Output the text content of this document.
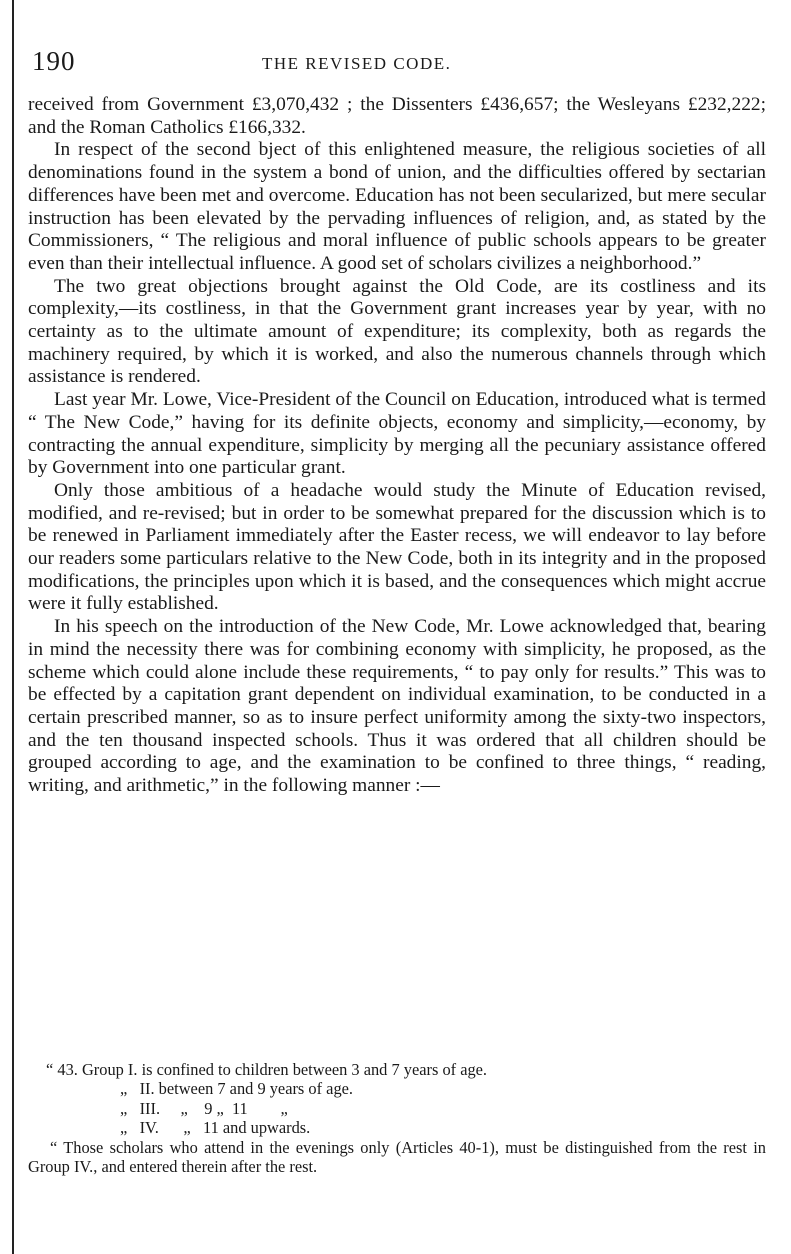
190	THE REVISED CODE.

received from Government £3,070,432 ; the Dissenters £436,657; the Wesleyans £232,222; and the Roman Catholics £166,332.

In respect of the second bject of this enlightened measure, the religious societies of all denominations found in the system a bond of union, and the difficulties offered by sectarian differences have been met and overcome. Education has not been secularized, but mere secular instruction has been elevated by the pervading influences of religion, and, as stated by the Commissioners, “ The religious and moral influence of public schools appears to be greater even than their intellectual influence. A good set of scholars civilizes a neighborhood.”

The two great objections brought against the Old Code, are its costliness and its complexity,—its costliness, in that the Government grant increases year by year, with no certainty as to the ultimate amount of expenditure; its complexity, both as regards the machinery required, by which it is worked, and also the numerous channels through which assistance is rendered.

Last year Mr. Lowe, Vice-President of the Council on Education, introduced what is termed “ The New Code,” having for its definite objects, economy and simplicity,—economy, by contracting the annual expenditure, simplicity by merging all the pecuniary assistance offered by Government into one particular grant.

Only those ambitious of a headache would study the Minute of Education revised, modified, and re-revised; but in order to be somewhat prepared for the discussion which is to be renewed in Parliament immediately after the Easter recess, we will endeavor to lay before our readers some particulars relative to the New Code, both in its integrity and in the proposed modifications, the principles upon which it is based, and the consequences which might accrue were it fully established.

In his speech on the introduction of the New Code, Mr. Lowe acknowledged that, bearing in mind the necessity there was for combining economy with simplicity, he proposed, as the scheme which could alone include these requirements, “ to pay only for results.” This was to be effected by a capitation grant dependent on individual examination, to be conducted in a certain prescribed manner, so as to insure perfect uniformity among the sixty-two inspectors, and the ten thousand inspected schools. Thus it was ordered that all children should be grouped according to age, and the examination to be confined to three things, “ reading, writing, and arithmetic,” in the following manner :—

“ 43. Group I. is confined to children between 3 and 7 years of age.
„   II. between 7 and 9 years of age.
„   III.     „    9 „  11        „
„   IV.      „   11 and upwards.
“ Those scholars who attend in the evenings only (Articles 40-1), must be distinguished from the rest in Group IV., and entered therein after the rest.
